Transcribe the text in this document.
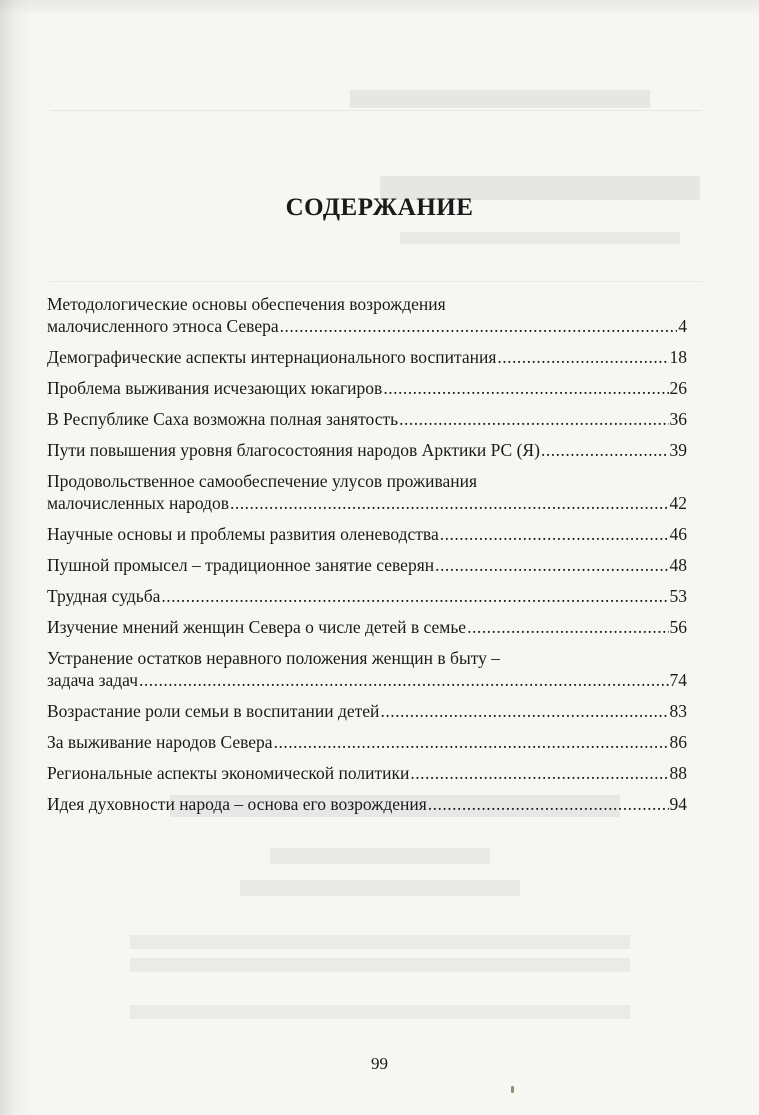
СОДЕРЖАНИЕ
Методологические основы обеспечения возрождения
малочисленного этноса Севера .....	4
Демографические аспекты интернационального воспитания .....	18
Проблема выживания исчезающих юкагиров .....	26
В Республике Саха возможна полная занятость .....	36
Пути повышения уровня благосостояния народов Арктики РС (Я) .....	39
Продовольственное самообеспечение улусов проживания
малочисленных народов .....	42
Научные основы и проблемы развития оленеводства .....	46
Пушной промысел – традиционное занятие северян .....	48
Трудная судьба .....	53
Изучение мнений женщин Севера о числе детей в семье .....	56
Устранение остатков неравного положения женщин в быту –
задача задач .....	74
Возрастание роли семьи в воспитании детей .....	83
За выживание народов Севера .....	86
Региональные аспекты экономической политики .....	88
Идея духовности народа – основа его возрождения .....	94
99
